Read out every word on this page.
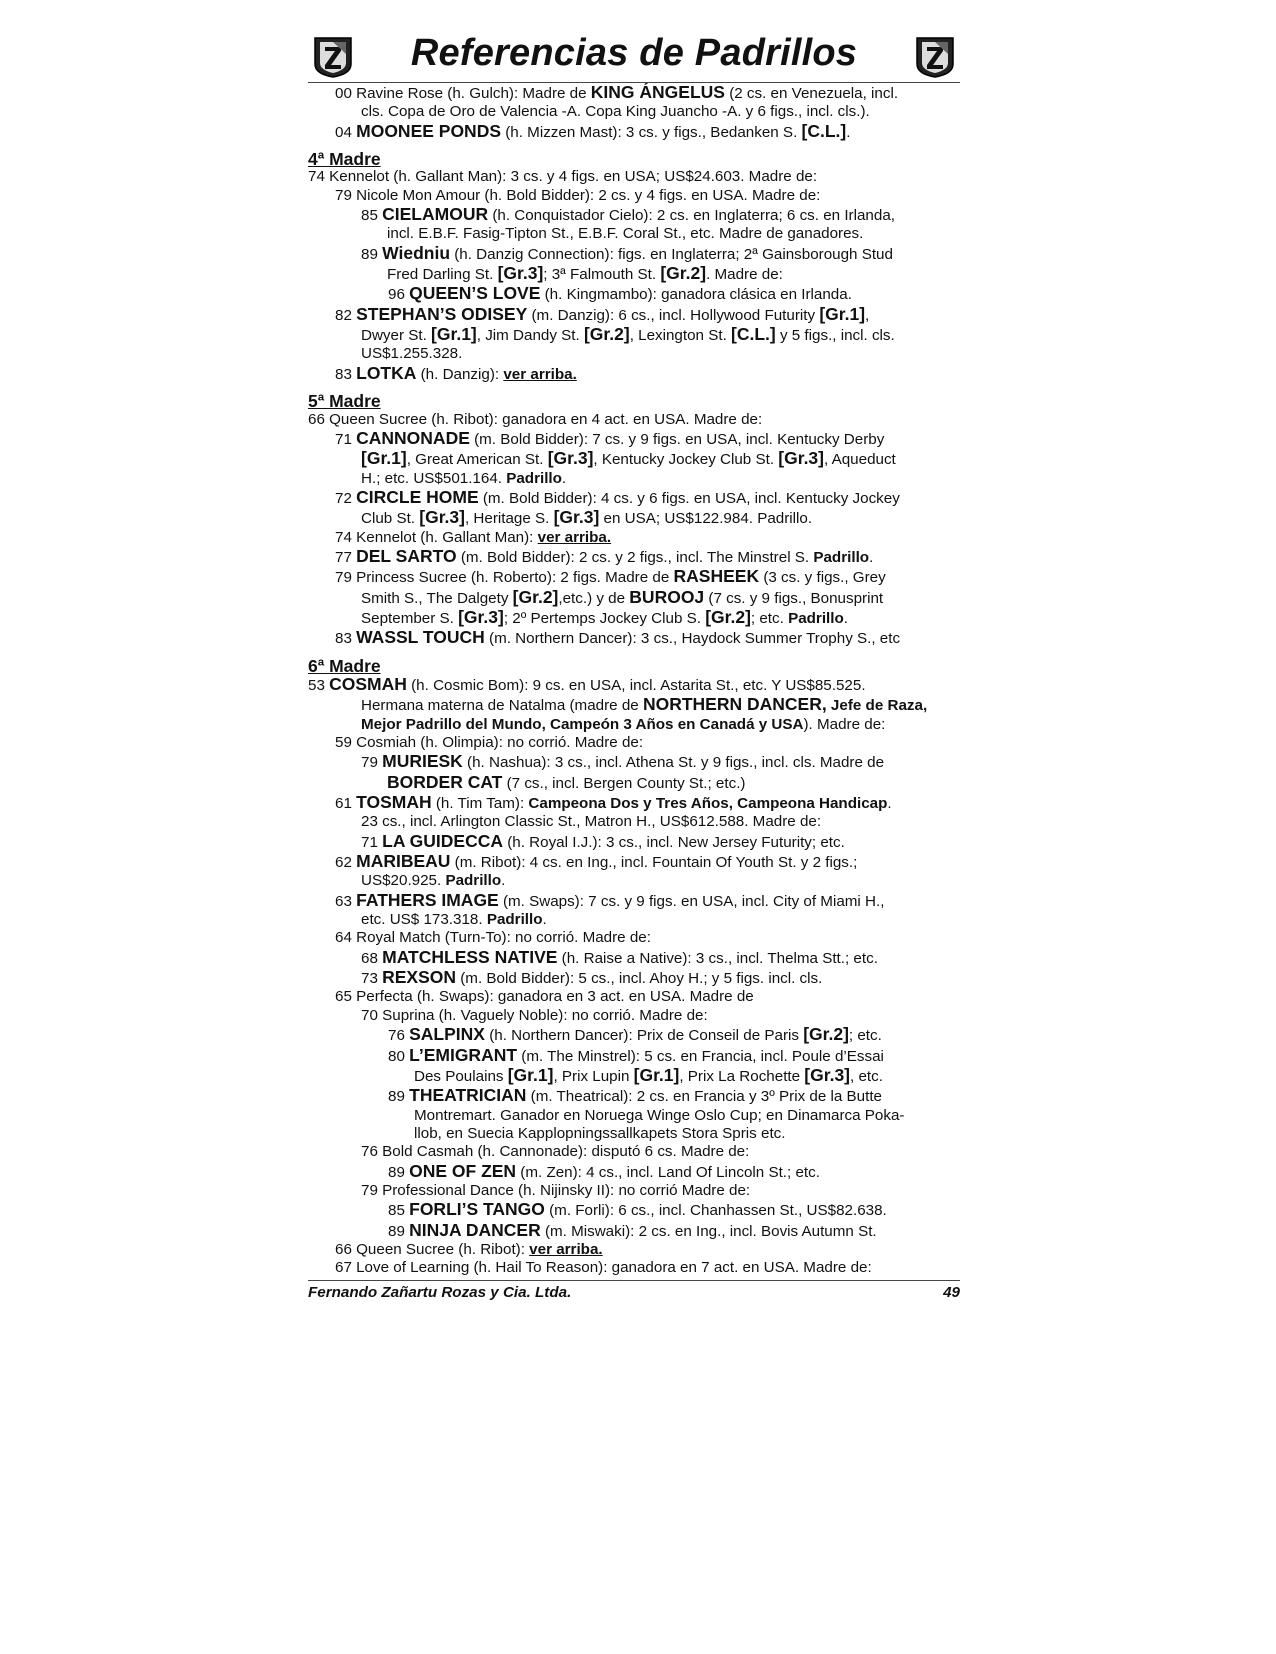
Referencias de Padrillos
00 Ravine Rose (h. Gulch): Madre de KING ÁNGELUS (2 cs. en Venezuela, incl.
cls. Copa de Oro de Valencia -A. Copa King Juancho -A. y 6 figs., incl. cls.).
04 MOONEE PONDS (h. Mizzen Mast): 3 cs. y figs., Bedanken S. [C.L.].
4ª Madre
74 Kennelot (h. Gallant Man): 3 cs. y 4 figs. en USA; US$24.603. Madre de:
79 Nicole Mon Amour (h. Bold Bidder): 2 cs. y 4 figs. en USA. Madre de:
85 CIELAMOUR (h. Conquistador Cielo): 2 cs. en Inglaterra; 6 cs. en Irlanda,
incl. E.B.F. Fasig-Tipton St., E.B.F. Coral St., etc. Madre de ganadores.
89 Wiedniu (h. Danzig Connection): figs. en Inglaterra; 2ª Gainsborough Stud
Fred Darling St. [Gr.3]; 3ª Falmouth St. [Gr.2]. Madre de:
96 QUEEN’S LOVE (h. Kingmambo): ganadora clásica en Irlanda.
82 STEPHAN’S ODISEY (m. Danzig): 6 cs., incl. Hollywood Futurity [Gr.1],
Dwyer St. [Gr.1], Jim Dandy St. [Gr.2], Lexington St. [C.L.] y 5 figs., incl. cls.
US$1.255.328.
83 LOTKA (h. Danzig): ver arriba.
5ª Madre
66 Queen Sucree (h. Ribot): ganadora en 4 act. en USA. Madre de:
71 CANNONADE (m. Bold Bidder): 7 cs. y 9 figs. en USA, incl. Kentucky Derby
[Gr.1], Great American St. [Gr.3], Kentucky Jockey Club St. [Gr.3], Aqueduct
H.; etc. US$501.164. Padrillo.
72 CIRCLE HOME (m. Bold Bidder): 4 cs. y 6 figs. en USA, incl. Kentucky Jockey
Club St. [Gr.3], Heritage S. [Gr.3] en USA; US$122.984. Padrillo.
74 Kennelot (h. Gallant Man): ver arriba.
77 DEL SARTO (m. Bold Bidder): 2 cs. y 2 figs., incl. The Minstrel S. Padrillo.
79 Princess Sucree (h. Roberto): 2 figs. Madre de RASHEEK (3 cs. y figs., Grey
Smith S., The Dalgety [Gr.2],etc.) y de BUROOJ (7 cs. y 9 figs., Bonusprint
September S. [Gr.3]; 2º Pertemps Jockey Club S. [Gr.2]; etc. Padrillo.
83 WASSL TOUCH (m. Northern Dancer): 3 cs., Haydock Summer Trophy S., etc
6ª Madre
53 COSMAH (h. Cosmic Bom): 9 cs. en USA, incl. Astarita St., etc. Y US$85.525.
Hermana materna de Natalma (madre de NORTHERN DANCER, Jefe de Raza,
Mejor Padrillo del Mundo, Campeón 3 Años en Canadá y USA). Madre de:
59 Cosmiah (h. Olimpia): no corrió. Madre de:
79 MURIESK (h. Nashua): 3 cs., incl. Athena St. y 9 figs., incl. cls. Madre de
BORDER CAT (7 cs., incl. Bergen County St.; etc.)
61 TOSMAH (h. Tim Tam): Campeona Dos y Tres Años, Campeona Handicap.
23 cs., incl. Arlington Classic St., Matron H., US$612.588. Madre de:
71 LA GUIDECCA (h. Royal I.J.): 3 cs., incl. New Jersey Futurity; etc.
62 MARIBEAU (m. Ribot): 4 cs. en Ing., incl. Fountain Of Youth St. y 2 figs.;
US$20.925. Padrillo.
63 FATHERS IMAGE (m. Swaps): 7 cs. y 9 figs. en USA, incl. City of Miami H.,
etc. US$ 173.318. Padrillo.
64 Royal Match (Turn-To): no corrió. Madre de:
68 MATCHLESS NATIVE (h. Raise a Native): 3 cs., incl. Thelma Stt.; etc.
73 REXSON (m. Bold Bidder): 5 cs., incl. Ahoy H.; y 5 figs. incl. cls.
65 Perfecta (h. Swaps): ganadora en 3 act. en USA. Madre de
70 Suprina (h. Vaguely Noble): no corrió. Madre de:
76 SALPINX (h. Northern Dancer): Prix de Conseil de Paris [Gr.2]; etc.
80 L’EMIGRANT (m. The Minstrel): 5 cs. en Francia, incl. Poule d’Essai
Des Poulains [Gr.1], Prix Lupin [Gr.1], Prix La Rochette [Gr.3], etc.
89 THEATRICIAN (m. Theatrical): 2 cs. en Francia y 3º Prix de la Butte
Montremart. Ganador en Noruega Winge Oslo Cup; en Dinamarca Poka-
llob, en Suecia Kapplopningssallkapets Stora Spris etc.
76 Bold Casmah (h. Cannonade): disputó 6 cs. Madre de:
89 ONE OF ZEN (m. Zen): 4 cs., incl. Land Of Lincoln St.; etc.
79 Professional Dance (h. Nijinsky II): no corrió Madre de:
85 FORLI’S TANGO (m. Forli): 6 cs., incl. Chanhassen St., US$82.638.
89 NINJA DANCER (m. Miswaki): 2 cs. en Ing., incl. Bovis Autumn St.
66 Queen Sucree (h. Ribot): ver arriba.
67 Love of Learning (h. Hail To Reason): ganadora en 7 act. en USA. Madre de:
Fernando Zañartu Rozas y Cia. Ltda.	49
